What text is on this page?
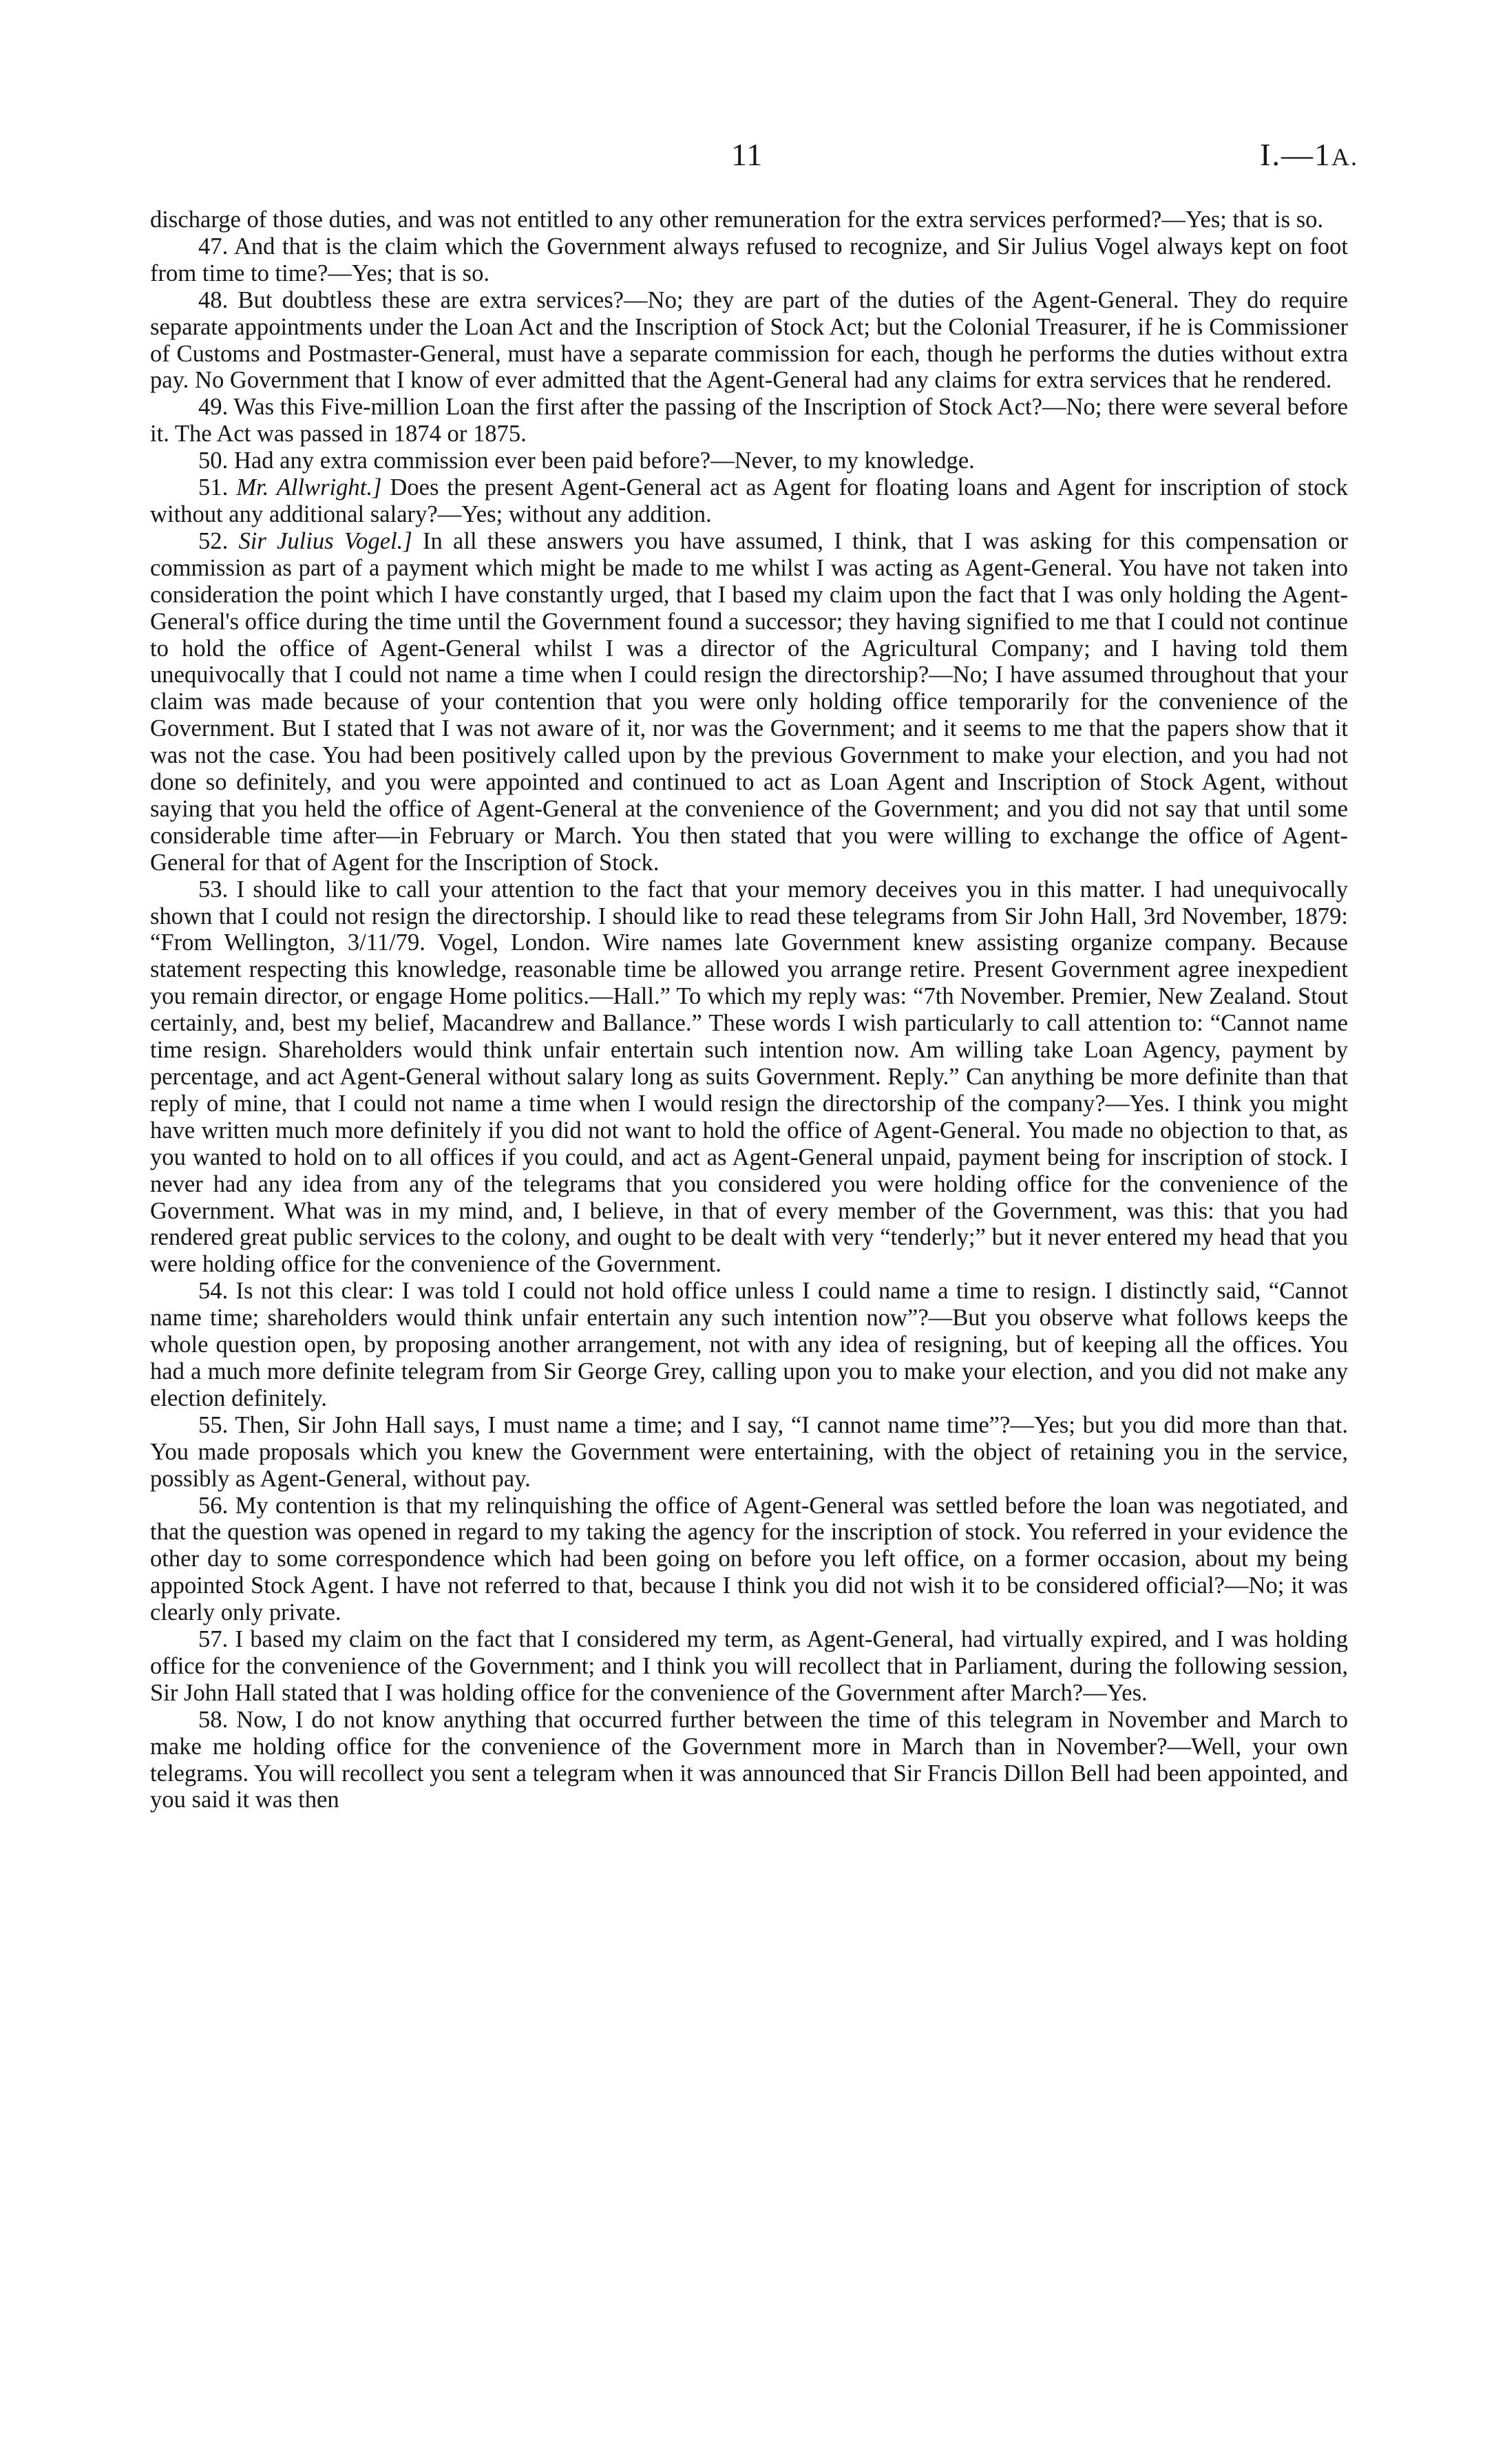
11	I.—1A.

discharge of those duties, and was not entitled to any other remuneration for the extra services performed?—Yes; that is so.

47. And that is the claim which the Government always refused to recognize, and Sir Julius Vogel always kept on foot from time to time?—Yes; that is so.

48. But doubtless these are extra services?—No; they are part of the duties of the Agent-General. They do require separate appointments under the Loan Act and the Inscription of Stock Act; but the Colonial Treasurer, if he is Commissioner of Customs and Postmaster-General, must have a separate commission for each, though he performs the duties without extra pay. No Government that I know of ever admitted that the Agent-General had any claims for extra services that he rendered.

49. Was this Five-million Loan the first after the passing of the Inscription of Stock Act?—No; there were several before it. The Act was passed in 1874 or 1875.

50. Had any extra commission ever been paid before?—Never, to my knowledge.

51. Mr. Allwright.] Does the present Agent-General act as Agent for floating loans and Agent for inscription of stock without any additional salary?—Yes; without any addition.

52. Sir Julius Vogel.] In all these answers you have assumed, I think, that I was asking for this compensation or commission as part of a payment which might be made to me whilst I was acting as Agent-General. You have not taken into consideration the point which I have constantly urged, that I based my claim upon the fact that I was only holding the Agent-General's office during the time until the Government found a successor; they having signified to me that I could not continue to hold the office of Agent-General whilst I was a director of the Agricultural Company; and I having told them unequivocally that I could not name a time when I could resign the directorship?—No; I have assumed throughout that your claim was made because of your contention that you were only holding office temporarily for the convenience of the Government. But I stated that I was not aware of it, nor was the Government; and it seems to me that the papers show that it was not the case. You had been positively called upon by the previous Government to make your election, and you had not done so definitely, and you were appointed and continued to act as Loan Agent and Inscription of Stock Agent, without saying that you held the office of Agent-General at the convenience of the Government; and you did not say that until some considerable time after—in February or March. You then stated that you were willing to exchange the office of Agent-General for that of Agent for the Inscription of Stock.

53. I should like to call your attention to the fact that your memory deceives you in this matter. I had unequivocally shown that I could not resign the directorship. I should like to read these telegrams from Sir John Hall, 3rd November, 1879: “From Wellington, 3/11/79. Vogel, London. Wire names late Government knew assisting organize company. Because statement respecting this knowledge, reasonable time be allowed you arrange retire. Present Government agree inexpedient you remain director, or engage Home politics.—Hall.” To which my reply was: “7th November. Premier, New Zealand. Stout certainly, and, best my belief, Macandrew and Ballance.” These words I wish particularly to call attention to: “Cannot name time resign. Shareholders would think unfair entertain such intention now. Am willing take Loan Agency, payment by percentage, and act Agent-General without salary long as suits Government. Reply.” Can anything be more definite than that reply of mine, that I could not name a time when I would resign the directorship of the company?—Yes. I think you might have written much more definitely if you did not want to hold the office of Agent-General. You made no objection to that, as you wanted to hold on to all offices if you could, and act as Agent-General unpaid, payment being for inscription of stock. I never had any idea from any of the telegrams that you considered you were holding office for the convenience of the Government. What was in my mind, and, I believe, in that of every member of the Government, was this: that you had rendered great public services to the colony, and ought to be dealt with very “tenderly;” but it never entered my head that you were holding office for the convenience of the Government.

54. Is not this clear: I was told I could not hold office unless I could name a time to resign. I distinctly said, “Cannot name time; shareholders would think unfair entertain any such intention now”?—But you observe what follows keeps the whole question open, by proposing another arrangement, not with any idea of resigning, but of keeping all the offices. You had a much more definite telegram from Sir George Grey, calling upon you to make your election, and you did not make any election definitely.

55. Then, Sir John Hall says, I must name a time; and I say, “I cannot name time”?—Yes; but you did more than that. You made proposals which you knew the Government were entertaining, with the object of retaining you in the service, possibly as Agent-General, without pay.

56. My contention is that my relinquishing the office of Agent-General was settled before the loan was negotiated, and that the question was opened in regard to my taking the agency for the inscription of stock. You referred in your evidence the other day to some correspondence which had been going on before you left office, on a former occasion, about my being appointed Stock Agent. I have not referred to that, because I think you did not wish it to be considered official?—No; it was clearly only private.

57. I based my claim on the fact that I considered my term, as Agent-General, had virtually expired, and I was holding office for the convenience of the Government; and I think you will recollect that in Parliament, during the following session, Sir John Hall stated that I was holding office for the convenience of the Government after March?—Yes.

58. Now, I do not know anything that occurred further between the time of this telegram in November and March to make me holding office for the convenience of the Government more in March than in November?—Well, your own telegrams. You will recollect you sent a telegram when it was announced that Sir Francis Dillon Bell had been appointed, and you said it was then
